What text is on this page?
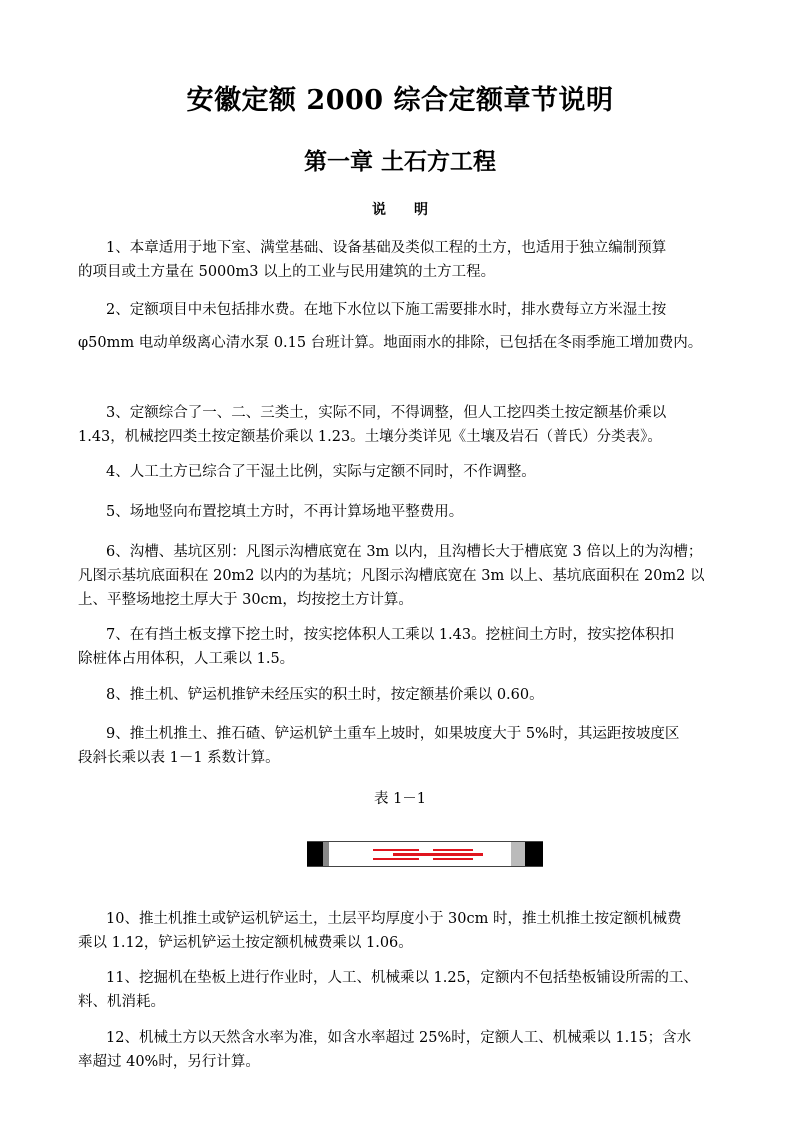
安徽定额 2000 综合定额章节说明
第一章 土石方工程
说明
1、本章适用于地下室、满堂基础、设备基础及类似工程的土方，也适用于独立编制预算
的项目或土方量在 5000m3 以上的工业与民用建筑的土方工程。
2、定额项目中未包括排水费。在地下水位以下施工需要排水时，排水费每立方米湿土按
φ50mm 电动单级离心清水泵 0.15 台班计算。地面雨水的排除，已包括在冬雨季施工增加费内。
3、定额综合了一、二、三类土，实际不同，不得调整，但人工挖四类土按定额基价乘以
1.43，机械挖四类土按定额基价乘以 1.23。土壤分类详见《土壤及岩石（普氏）分类表》。
4、人工土方已综合了干湿土比例，实际与定额不同时，不作调整。
5、场地竖向布置挖填土方时，不再计算场地平整费用。
6、沟槽、基坑区别：凡图示沟槽底宽在 3m 以内，且沟槽长大于槽底宽 3 倍以上的为沟槽；
凡图示基坑底面积在 20m2 以内的为基坑；凡图示沟槽底宽在 3m 以上、基坑底面积在 20m2 以
上、平整场地挖土厚大于 30cm，均按挖土方计算。
7、在有挡土板支撑下挖土时，按实挖体积人工乘以 1.43。挖桩间土方时，按实挖体积扣
除桩体占用体积，人工乘以 1.5。
8、推土机、铲运机推铲未经压实的积土时，按定额基价乘以 0.60。
9、推土机推土、推石碴、铲运机铲土重车上坡时，如果坡度大于 5%时，其运距按坡度区
段斜长乘以表 1－1 系数计算。
表 1－1
10、推土机推土或铲运机铲运土，土层平均厚度小于 30cm 时，推土机推土按定额机械费
乘以 1.12，铲运机铲运土按定额机械费乘以 1.06。
11、挖掘机在垫板上进行作业时，人工、机械乘以 1.25，定额内不包括垫板铺设所需的工、
料、机消耗。
12、机械土方以天然含水率为准，如含水率超过 25%时，定额人工、机械乘以 1.15；含水
率超过 40%时，另行计算。
